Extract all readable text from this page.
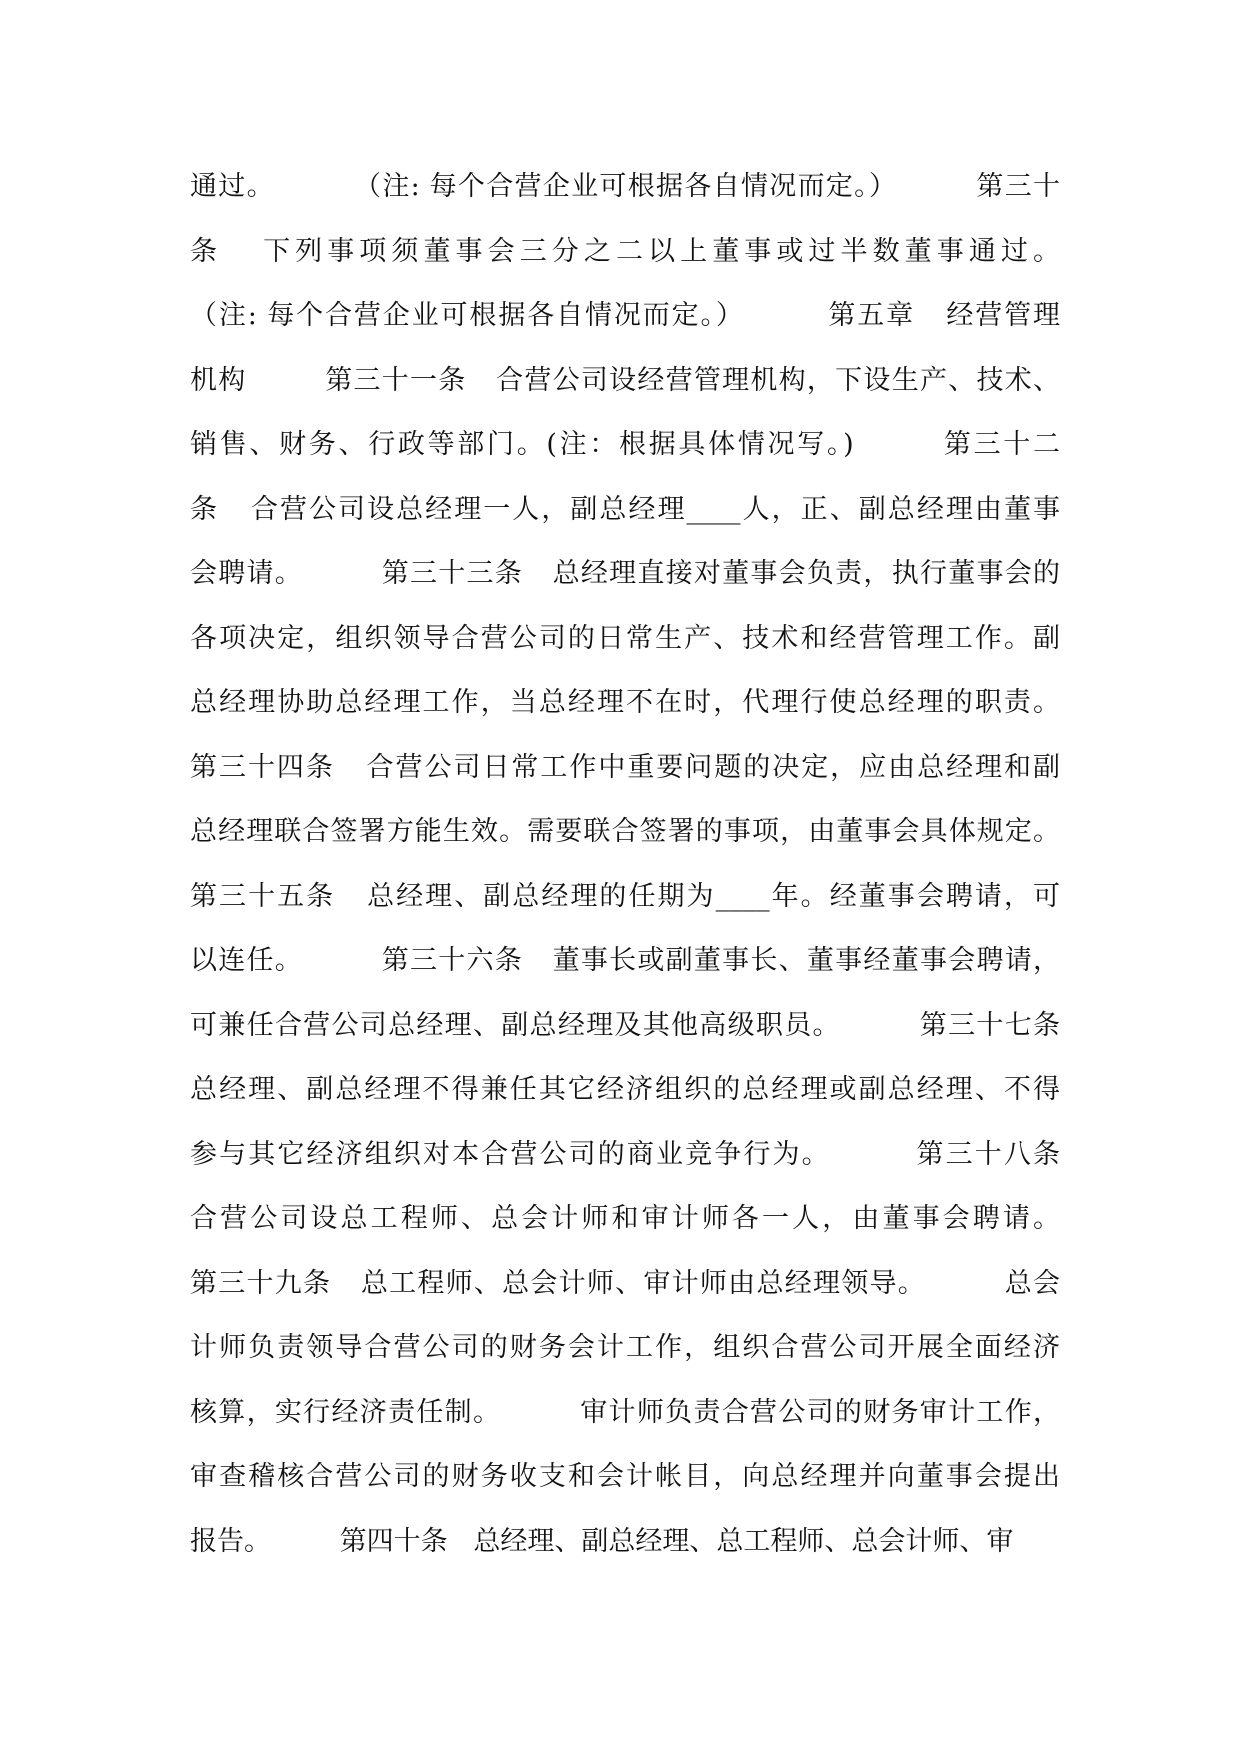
通过。        （注: 每个合营企业可根据各自情况而定。）        第三十
条   下列事项须董事会三分之二以上董事或过半数董事通过。
（注: 每个合营企业可根据各自情况而定。）        第五章   经营管理
机构        第三十一条   合营公司设经营管理机构，下设生产、技术、
销售、财务、行政等部门。(注：根据具体情况写。)        第三十二
条   合营公司设总经理一人，副总经理____人，正、副总经理由董事
会聘请。        第三十三条   总经理直接对董事会负责，执行董事会的
各项决定，组织领导合营公司的日常生产、技术和经营管理工作。副
总经理协助总经理工作，当总经理不在时，代理行使总经理的职责。
第三十四条   合营公司日常工作中重要问题的决定，应由总经理和副
总经理联合签署方能生效。需要联合签署的事项，由董事会具体规定。
第三十五条   总经理、副总经理的任期为____年。经董事会聘请，可
以连任。        第三十六条   董事长或副董事长、董事经董事会聘请，
可兼任合营公司总经理、副总经理及其他高级职员。        第三十七条
总经理、副总经理不得兼任其它经济组织的总经理或副总经理、不得
参与其它经济组织对本合营公司的商业竞争行为。        第三十八条
合营公司设总工程师、总会计师和审计师各一人，由董事会聘请。
第三十九条   总工程师、总会计师、审计师由总经理领导。        总会
计师负责领导合营公司的财务会计工作，组织合营公司开展全面经济
核算，实行经济责任制。        审计师负责合营公司的财务审计工作，
审查稽核合营公司的财务收支和会计帐目，向总经理并向董事会提出
报告。        第四十条   总经理、副总经理、总工程师、总会计师、审
